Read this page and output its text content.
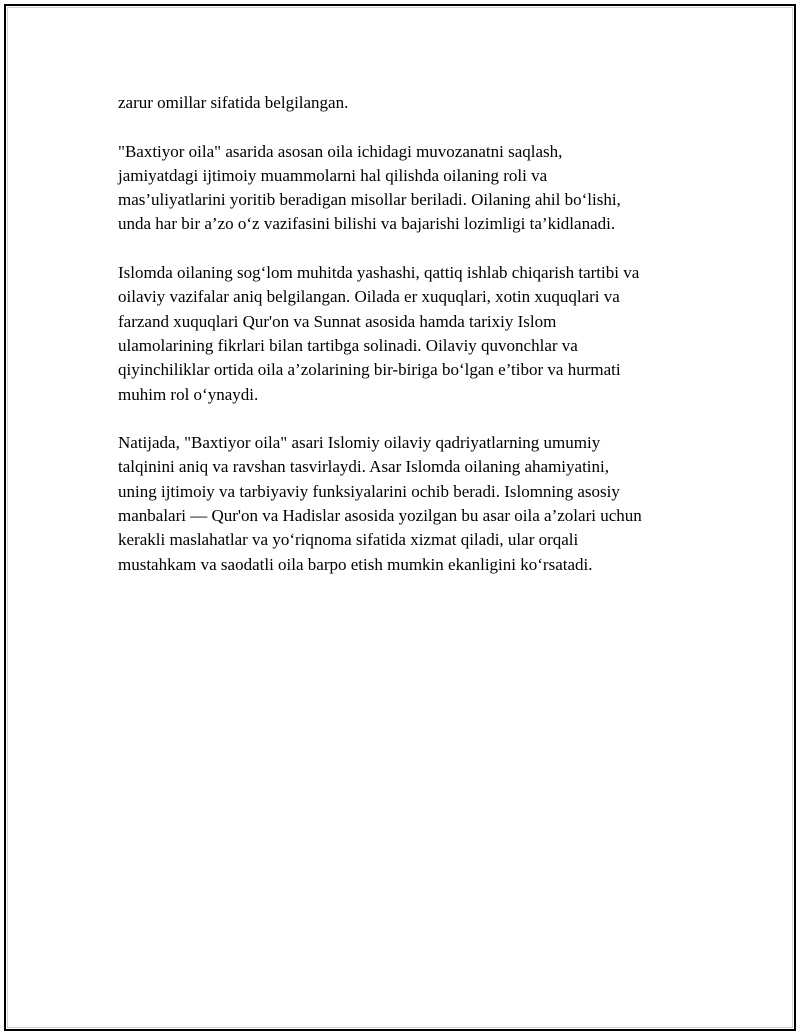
zarur omillar sifatida belgilangan.

"Baxtiyor oila" asarida asosan oila ichidagi muvozanatni saqlash,
jamiyatdagi ijtimoiy muammolarni hal qilishda oilaning roli va
mas’uliyatlarini yoritib beradigan misollar beriladi. Oilaning ahil bo‘lishi,
unda har bir a’zo o‘z vazifasini bilishi va bajarishi lozimligi ta’kidlanadi.

Islomda oilaning sog‘lom muhitda yashashi, qattiq ishlab chiqarish tartibi va
oilaviy vazifalar aniq belgilangan. Oilada er xuquqlari, xotin xuquqlari va
farzand xuquqlari Qur'on va Sunnat asosida hamda tarixiy Islom
ulamolarining fikrlari bilan tartibga solinadi. Oilaviy quvonchlar va
qiyinchiliklar ortida oila a’zolarining bir-biriga bo‘lgan e’tibor va hurmati
muhim rol o‘ynaydi.

Natijada, "Baxtiyor oila" asari Islomiy oilaviy qadriyatlarning umumiy
talqinini aniq va ravshan tasvirlaydi. Asar Islomda oilaning ahamiyatini,
uning ijtimoiy va tarbiyaviy funksiyalarini ochib beradi. Islomning asosiy
manbalari — Qur'on va Hadislar asosida yozilgan bu asar oila a’zolari uchun
kerakli maslahatlar va yo‘riqnoma sifatida xizmat qiladi, ular orqali
mustahkam va saodatli oila barpo etish mumkin ekanligini ko‘rsatadi.
